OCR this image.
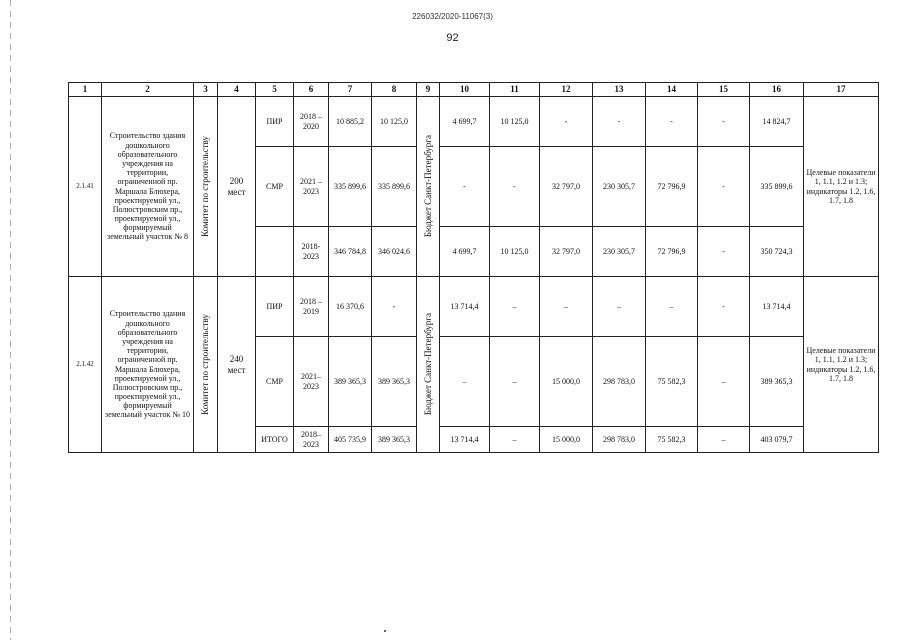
226032/2020-11067(3)
92
1	2	3	4	5	6	7	8	9	10	11	12	13	14	15	16	17
2.1.41	Строительство здания дошкольного образовательного учреждения на территории, ограниченной пр. Маршала Блюхера, проектируемой ул., Полюстровским пр., проектируемой ул., формируемый земельный участок № 8	Комитет по строительству	200 мест	ПИР	2018 – 2020	10 885,2	10 125,0	Бюджет Санкт-Петербурга	4 699,7	10 125,0	-	-	-	-	14 824,7	Целевые показатели 1, 1.1, 1.2 и 1.3; индикаторы 1.2, 1.6, 1.7, 1.8
				СМР	2021 – 2023	335 899,6	335 899,6		-	-	32 797,0	230 305,7	72 796,9	-	335 899,6	
					2018-2023	346 784,8	346 024,6		4 699,7	10 125,0	32 797,0	230 305,7	72 796,9	-	350 724,3	
2.1.42	Строительство здания дошкольного образовательного учреждения на территории, ограниченной пр. Маршала Блюхера, проектируемой ул., Полюстровским пр., проектируемой ул., формируемый земельный участок № 10	Комитет по строительству	240 мест	ПИР	2018 – 2019	16 370,6	-	Бюджет Санкт-Петербурга	13 714,4	–	–	–	–	-	13 714,4	Целевые показатели 1, 1.1, 1.2 и 1.3; индикаторы 1.2, 1.6, 1.7, 1.8
				СМР	2021– 2023	389 365,3	389 365,3		–	–	15 000,0	298 783,0	75 582,3	–	389 365,3	
				ИТОГО	2018– 2023	405 735,9	389 365,3		13 714,4	–	15 000,0	298 783,0	75 582,3	–	403 079,7	
